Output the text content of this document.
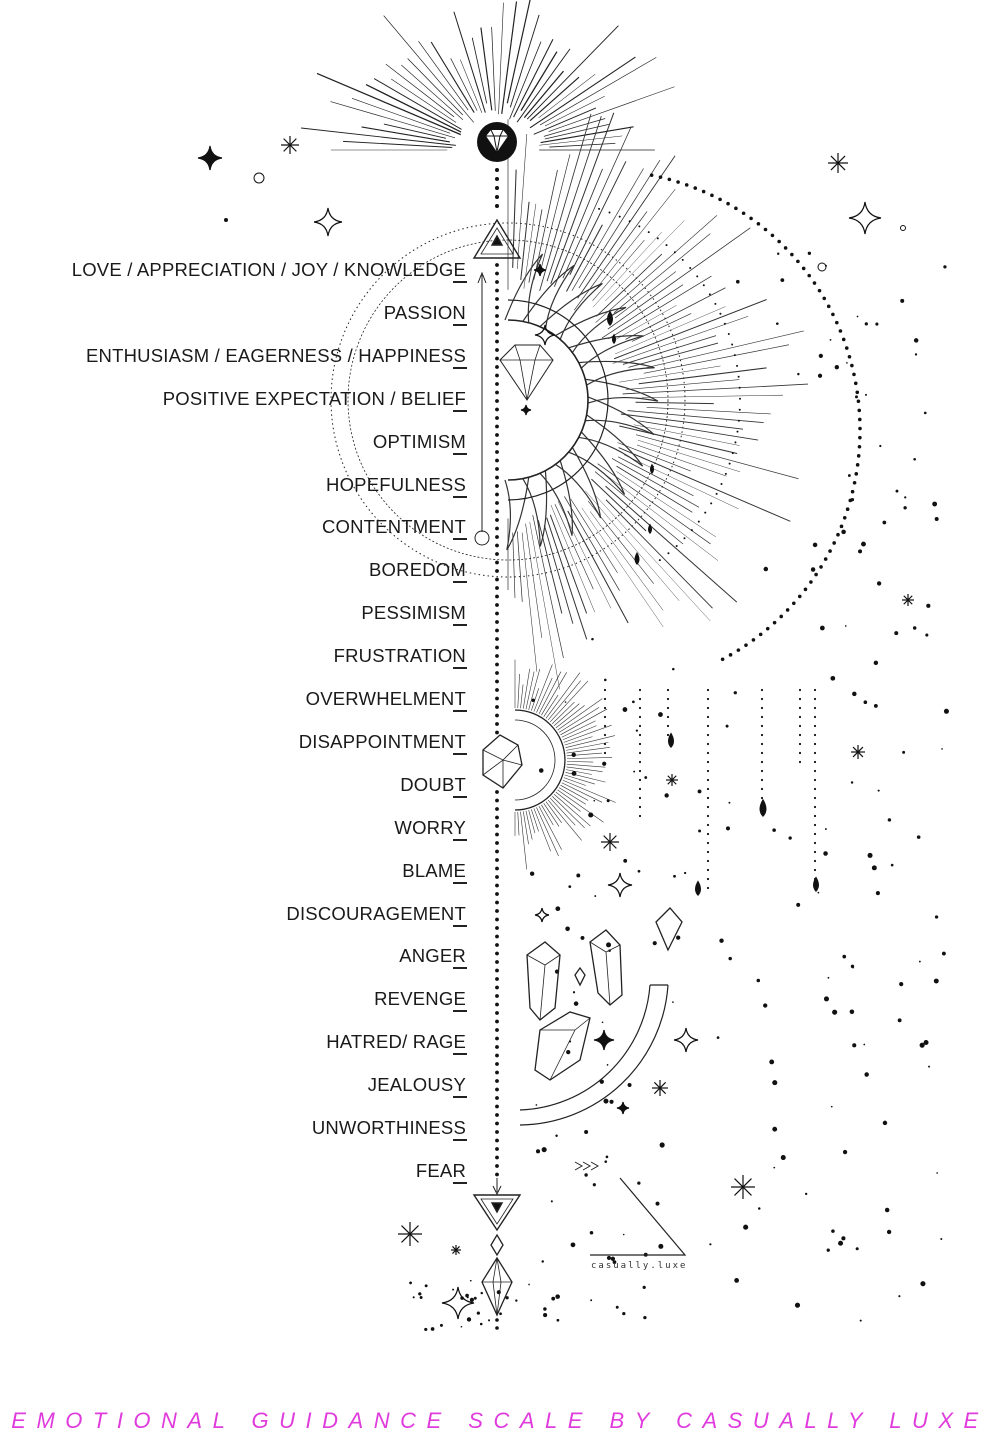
LOVE / APPRECIATION / JOY / KNOWLEDGE
PASSION
ENTHUSIASM / EAGERNESS / HAPPINESS
POSITIVE EXPECTATION / BELIEF
OPTIMISM
HOPEFULNESS
CONTENTMENT
BOREDOM
PESSIMISM
FRUSTRATION
OVERWHELMENT
DISAPPOINTMENT
DOUBT
WORRY
BLAME
DISCOURAGEMENT
ANGER
REVENGE
HATRED/ RAGE
JEALOUSY
UNWORTHINESS
FEAR
casually.luxe
EMOTIONAL GUIDANCE SCALE BY CASUALLY LUXE
